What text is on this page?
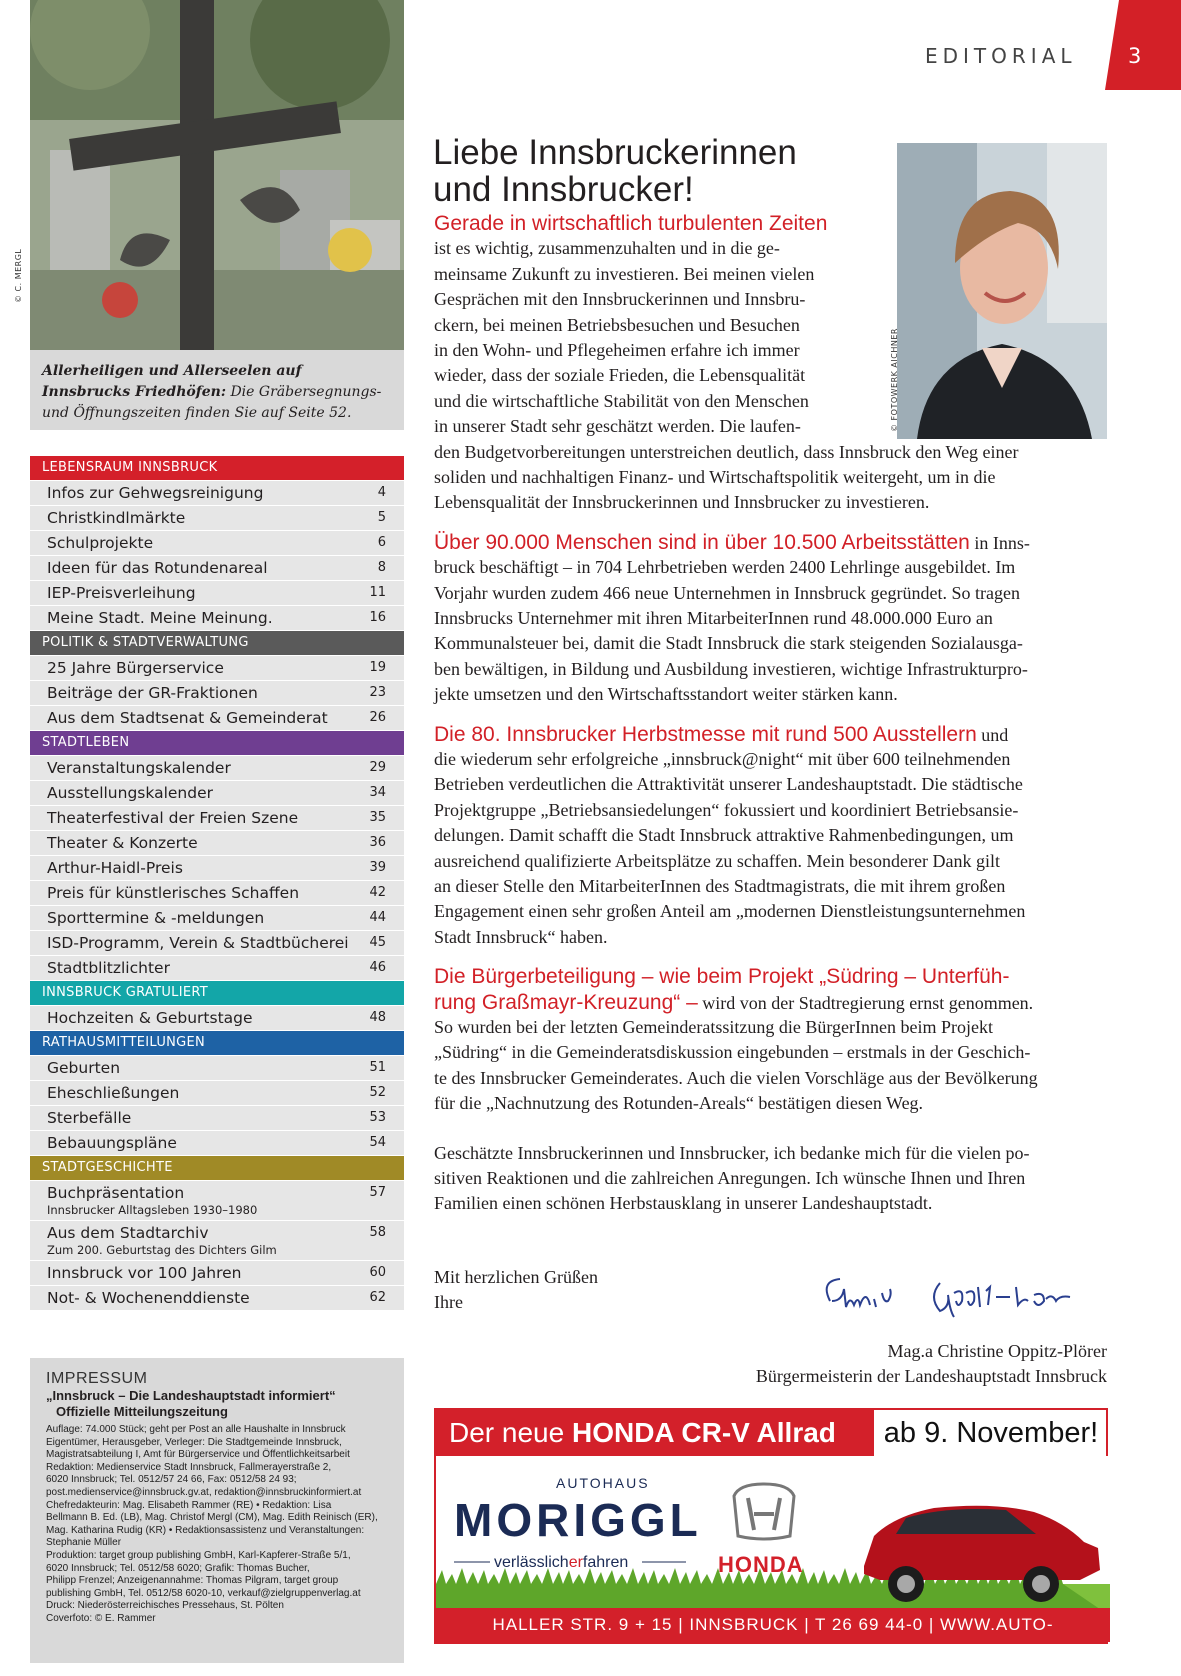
EDITORIAL 3
© C. MERGL
Allerheiligen und Allerseelen auf Innsbrucks Friedhöfen: Die Gräbersegnungs- und Öffnungszeiten finden Sie auf Seite 52.
LEBENSRAUM INNSBRUCK
Infos zur Gehwegsreinigung	4
Christkindlmärkte	5
Schulprojekte	6
Ideen für das Rotundenareal	8
IEP-Preisverleihung	11
Meine Stadt. Meine Meinung.	16
POLITIK & STADTVERWALTUNG
25 Jahre Bürgerservice	19
Beiträge der GR-Fraktionen	23
Aus dem Stadtsenat & Gemeinderat	26
STADTLEBEN
Veranstaltungskalender	29
Ausstellungskalender	34
Theaterfestival der Freien Szene	35
Theater & Konzerte	36
Arthur-Haidl-Preis	39
Preis für künstlerisches Schaffen	42
Sporttermine & -meldungen	44
ISD-Programm, Verein & Stadtbücherei 45
Stadtblitzlichter	46
INNSBRUCK GRATULIERT
Hochzeiten & Geburtstage	48
RATHAUSMITTEILUNGEN
Geburten	51
Eheschließungen	52
Sterbefälle	53
Bebauungspläne	54
STADTGESCHICHTE
Buchpräsentation
Innsbrucker Alltagsleben 1930–1980
57
Aus dem Stadtarchiv
Zum 200. Geburtstag des Dichters Gilm
58
Innsbruck vor 100 Jahren	60
Not- & Wochenenddienste	62
IMPRESSUM
„Innsbruck – Die Landeshauptstadt informiert“
Offizielle Mitteilungszeitung
Auflage: 74.000 Stück; geht per Post an alle Haushalte in Innsbruck
Eigentümer, Herausgeber, Verleger: Die Stadtgemeinde Innsbruck,
Magistratsabteilung I, Amt für Bürgerservice und Öffentlichkeitsarbeit
Redaktion: Medienservice Stadt Innsbruck, Fallmerayerstraße 2,
6020 Innsbruck; Tel. 0512/57 24 66, Fax: 0512/58 24 93;
post.medienservice@innsbruck.gv.at, redaktion@innsbruckinformiert.at
Chefredakteurin: Mag. Elisabeth Rammer (RE) • Redaktion: Lisa
Bellmann B. Ed. (LB), Mag. Christof Mergl (CM), Mag. Edith Reinisch (ER),
Mag. Katharina Rudig (KR) • Redaktionsassistenz und Veranstaltungen:
Stephanie Müller
Produktion: target group publishing GmbH, Karl-Kapferer-Straße 5/1,
6020 Innsbruck; Tel. 0512/58 6020; Grafik: Thomas Bucher,
Philipp Frenzel; Anzeigenannahme: Thomas Pilgram, target group
publishing GmbH, Tel. 0512/58 6020-10, verkauf@zielgruppenverlag.at
Druck: Niederösterreichisches Pressehaus, St. Pölten
Coverfoto: © E. Rammer
Liebe Innsbruckerinnen
und Innsbrucker!
© FOTOWERK AICHNER
Gerade in wirtschaftlich turbulenten Zeiten
ist es wichtig, zusammenzuhalten und in die ge-
meinsame Zukunft zu investieren. Bei meinen vielen
Gesprächen mit den Innsbruckerinnen und Innsbru-
ckern, bei meinen Betriebsbesuchen und Besuchen
in den Wohn- und Pflegeheimen erfahre ich immer
wieder, dass der soziale Frieden, die Lebensqualität
und die wirtschaftliche Stabilität von den Menschen
in unserer Stadt sehr geschätzt werden. Die laufen-
den Budgetvorbereitungen unterstreichen deutlich, dass Innsbruck den Weg einer
soliden und nachhaltigen Finanz- und Wirtschaftspolitik weitergeht, um in die
Lebensqualität der Innsbruckerinnen und Innsbrucker zu investieren.
Über 90.000 Menschen sind in über 10.500 Arbeitsstätten in Inns-
bruck beschäftigt – in 704 Lehrbetrieben werden 2400 Lehrlinge ausgebildet. Im
Vorjahr wurden zudem 466 neue Unternehmen in Innsbruck gegründet. So tragen
Innsbrucks Unternehmer mit ihren MitarbeiterInnen rund 48.000.000 Euro an
Kommunalsteuer bei, damit die Stadt Innsbruck die stark steigenden Sozialausga-
ben bewältigen, in Bildung und Ausbildung investieren, wichtige Infrastrukturpro-
jekte umsetzen und den Wirtschaftsstandort weiter stärken kann.
Die 80. Innsbrucker Herbstmesse mit rund 500 Ausstellern und
die wiederum sehr erfolgreiche „innsbruck@night“ mit über 600 teilnehmenden
Betrieben verdeutlichen die Attraktivität unserer Landeshauptstadt. Die städtische
Projektgruppe „Betriebsansiedelungen“ fokussiert und koordiniert Betriebsansie-
delungen. Damit schafft die Stadt Innsbruck attraktive Rahmenbedingungen, um
ausreichend qualifizierte Arbeitsplätze zu schaffen. Mein besonderer Dank gilt
an dieser Stelle den MitarbeiterInnen des Stadtmagistrats, die mit ihrem großen
Engagement einen sehr großen Anteil am „modernen Dienstleistungsunternehmen
Stadt Innsbruck“ haben.
Die Bürgerbeteiligung – wie beim Projekt „Südring – Unterfüh-
rung Graßmayr-Kreuzung“ – wird von der Stadtregierung ernst genommen.
So wurden bei der letzten Gemeinderatssitzung die BürgerInnen beim Projekt
„Südring“ in die Gemeinderatsdiskussion eingebunden – erstmals in der Geschich-
te des Innsbrucker Gemeinderates. Auch die vielen Vorschläge aus der Bevölkerung
für die „Nachnutzung des Rotunden-Areals“ bestätigen diesen Weg.
Geschätzte Innsbruckerinnen und Innsbrucker, ich bedanke mich für die vielen po-
sitiven Reaktionen und die zahlreichen Anregungen. Ich wünsche Ihnen und Ihren
Familien einen schönen Herbstausklang in unserer Landeshauptstadt.
Mit herzlichen Grüßen
Ihre
Mag.a Christine Oppitz-Plörer
Bürgermeisterin der Landeshauptstadt Innsbruck
Der neue HONDA CR-V Allrad	ab 9. November!
AUTOHAUS
MORIGGL
verlässlicherfahren	HONDA
HALLER STR. 9 + 15 | INNSBRUCK | T 26 69 44-0 | WWW.AUTO-MORIGGL.AT
